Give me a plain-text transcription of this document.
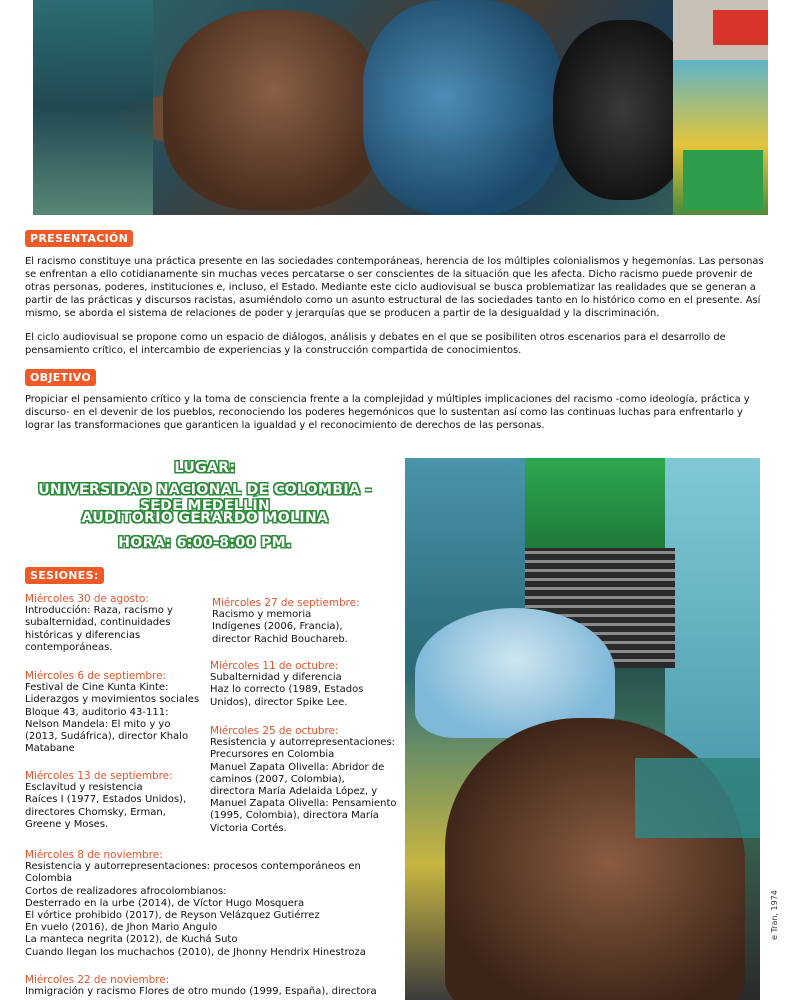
PRESENTACIÓN

El racismo constituye una práctica presente en las sociedades contemporáneas, herencia de los múltiples colonialismos y hegemonías. Las personas se enfrentan a ello cotidianamente sin muchas veces percatarse o ser conscientes de la situación que les afecta. Dicho racismo puede provenir de otras personas, poderes, instituciones e, incluso, el Estado. Mediante este ciclo audiovisual se busca problematizar las realidades que se generan a partir de las prácticas y discursos racistas, asumiéndolo como un asunto estructural de las sociedades tanto en lo histórico como en el presente. Así mismo, se aborda el sistema de relaciones de poder y jerarquías que se producen a partir de la desigualdad y la discriminación.

El ciclo audiovisual se propone como un espacio de diálogos, análisis y debates en el que se posibiliten otros escenarios para el desarrollo de pensamiento crítico, el intercambio de experiencias y la construcción compartida de conocimientos.

OBJETIVO

Propiciar el pensamiento crítico y la toma de consciencia frente a la complejidad y múltiples implicaciones del racismo -como ideología, práctica y discurso- en el devenir de los pueblos, reconociendo los poderes hegemónicos que lo sustentan así como las continuas luchas para enfrentarlo y lograr las transformaciones que garanticen la igualdad y el reconocimiento de derechos de las personas.

LUGAR:
UNIVERSIDAD NACIONAL DE COLOMBIA - SEDE MEDELLÍN
AUDITORIO GERARDO MOLINA
HORA: 6:00-8:00 PM.
SESIONES:
Miércoles 30 de agosto:
Introducción: Raza, racismo y
subalternidad, continuidades
históricas y diferencias
contemporáneas.
Miércoles 6 de septiembre:
Festival de Cine Kunta Kinte:
Liderazgos y movimientos sociales
Bloque 43, auditorio 43-111:
Nelson Mandela: El mito y yo
(2013, Sudáfrica), director Khalo
Matabane
Miércoles 13 de septiembre:
Esclavitud y resistencia
Raíces I (1977, Estados Unidos),
directores Chomsky, Erman,
Greene y Moses.
Miércoles 27 de septiembre:
Racismo y memoria
Indígenes (2006, Francia),
director Rachid Bouchareb.
Miércoles 11 de octubre:
Subalternidad y diferencia
Haz lo correcto (1989, Estados
Unidos), director Spike Lee.
Miércoles 25 de octubre:
Resistencia y autorrepresentaciones:
Precursores en Colombia
Manuel Zapata Olivella: Abridor de
caminos (2007, Colombia),
directora María Adelaida López, y
Manuel Zapata Olivella: Pensamiento
(1995, Colombia), directora María
Victoria Cortés.
Miércoles 8 de noviembre:
Resistencia y autorrepresentaciones: procesos contemporáneos en
Colombia
Cortos de realizadores afrocolombianos:
Desterrado en la urbe (2014), de Víctor Hugo Mosquera
El vórtice prohibido (2017), de Reyson Velázquez Gutiérrez
En vuelo (2016), de Jhon Mario Angulo
La manteca negrita (2012), de Kuchá Suto
Cuando llegan los muchachos (2010), de Jhonny Hendrix Hinestroza
Miércoles 22 de noviembre:
Inmigración y racismo Flores de otro mundo (1999, España), directora
e Tran, 1974
